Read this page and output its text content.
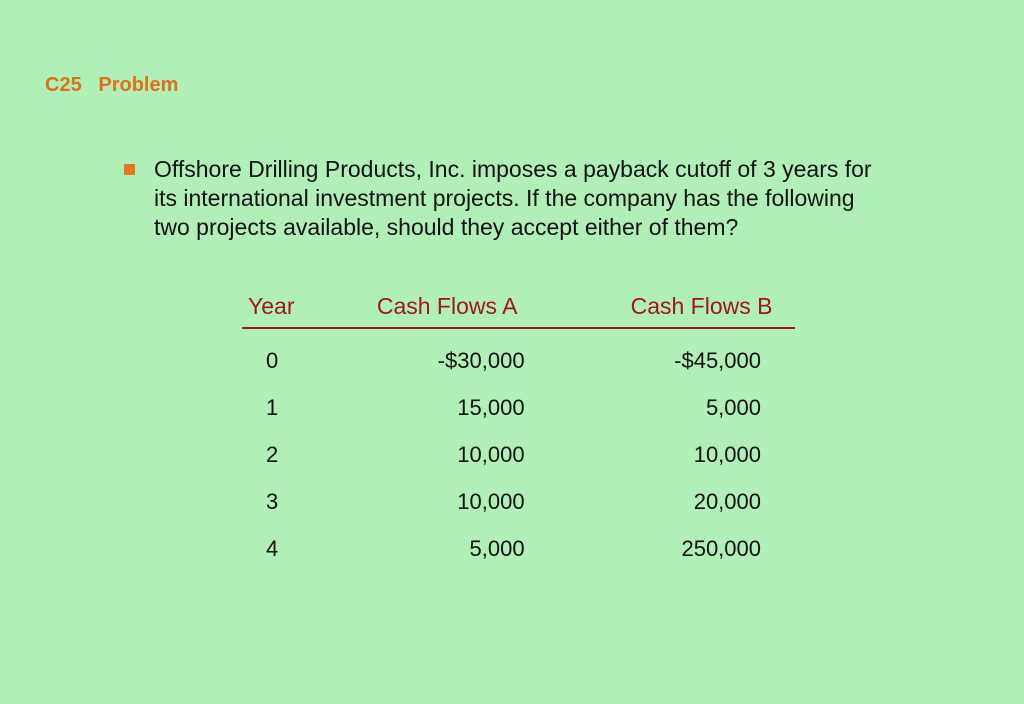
C25   Problem

Offshore Drilling Products, Inc. imposes a payback cutoff of 3 years for its international investment projects. If the company has the following two projects available, should they accept either of them?

Year	Cash Flows A	Cash Flows B
0	-$30,000	-$45,000
1	15,000	5,000
2	10,000	10,000
3	10,000	20,000
4	5,000	250,000
